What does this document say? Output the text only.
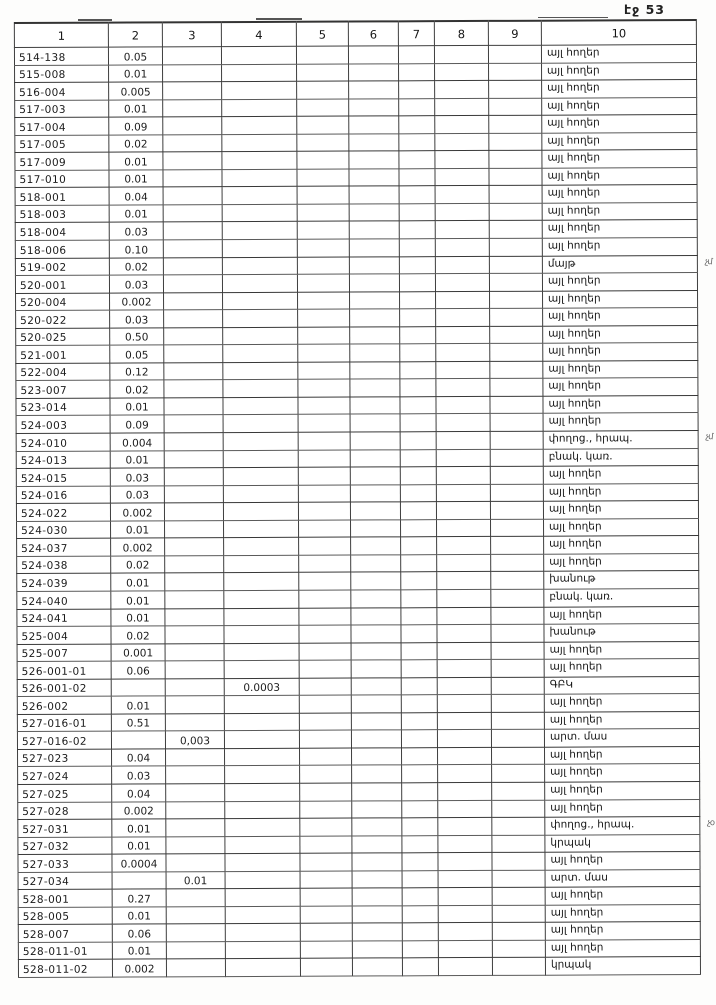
էջ 53
1	2	3	4	5	6	7	8	9	10
514-138	0.05								այլ հողեր
515-008	0.01								այլ հողեր
516-004	0.005								այլ հողեր
517-003	0.01								այլ հողեր
517-004	0.09								այլ հողեր
517-005	0.02								այլ հողեր
517-009	0.01								այլ հողեր
517-010	0.01								այլ հողեր
518-001	0.04								այլ հողեր
518-003	0.01								այլ հողեր
518-004	0.03								այլ հողեր
518-006	0.10								այլ հողեր
519-002	0.02								մայթ չմ

520-001	0.03								այլ հողեր
520-004	0.002								այլ հողեր
520-022	0.03								այլ հողեր
520-025	0.50								այլ հողեր
521-001	0.05								այլ հողեր
522-004	0.12								այլ հողեր
523-007	0.02								այլ հողեր
523-014	0.01								այլ հողեր
524-003	0.09								այլ հողեր
524-010	0.004								փողոց., հրապ. չմ

524-013	0.01								բնակ. կառ.
524-015	0.03								այլ հողեր
524-016	0.03								այլ հողեր
524-022	0.002								այլ հողեր
524-030	0.01								այլ հողեր
524-037	0.002								այլ հողեր
524-038	0.02								այլ հողեր
524-039	0.01								խանութ
524-040	0.01								բնակ. կառ.
524-041	0.01								այլ հողեր
525-004	0.02								խանութ
525-007	0.001								այլ հողեր
526-001-01	0.06								այլ հողեր
526-001-02			0.0003						ԳԲԿ
526-002	0.01								այլ հողեր
527-016-01	0.51								այլ հողեր
527-016-02		0,003							արտ. մաս
527-023	0.04								այլ հողեր
527-024	0.03								այլ հողեր
527-025	0.04								այլ հողեր
527-028	0.002								այլ հողեր
527-031	0.01								փողոց., հրապ. չօ

527-032	0.01								կրպակ
527-033	0.0004								այլ հողեր
527-034		0.01							արտ. մաս
528-001	0.27								այլ հողեր
528-005	0.01								այլ հողեր
528-007	0.06								այլ հողեր
528-011-01	0.01								այլ հողեր
528-011-02	0.002								կրպակ
